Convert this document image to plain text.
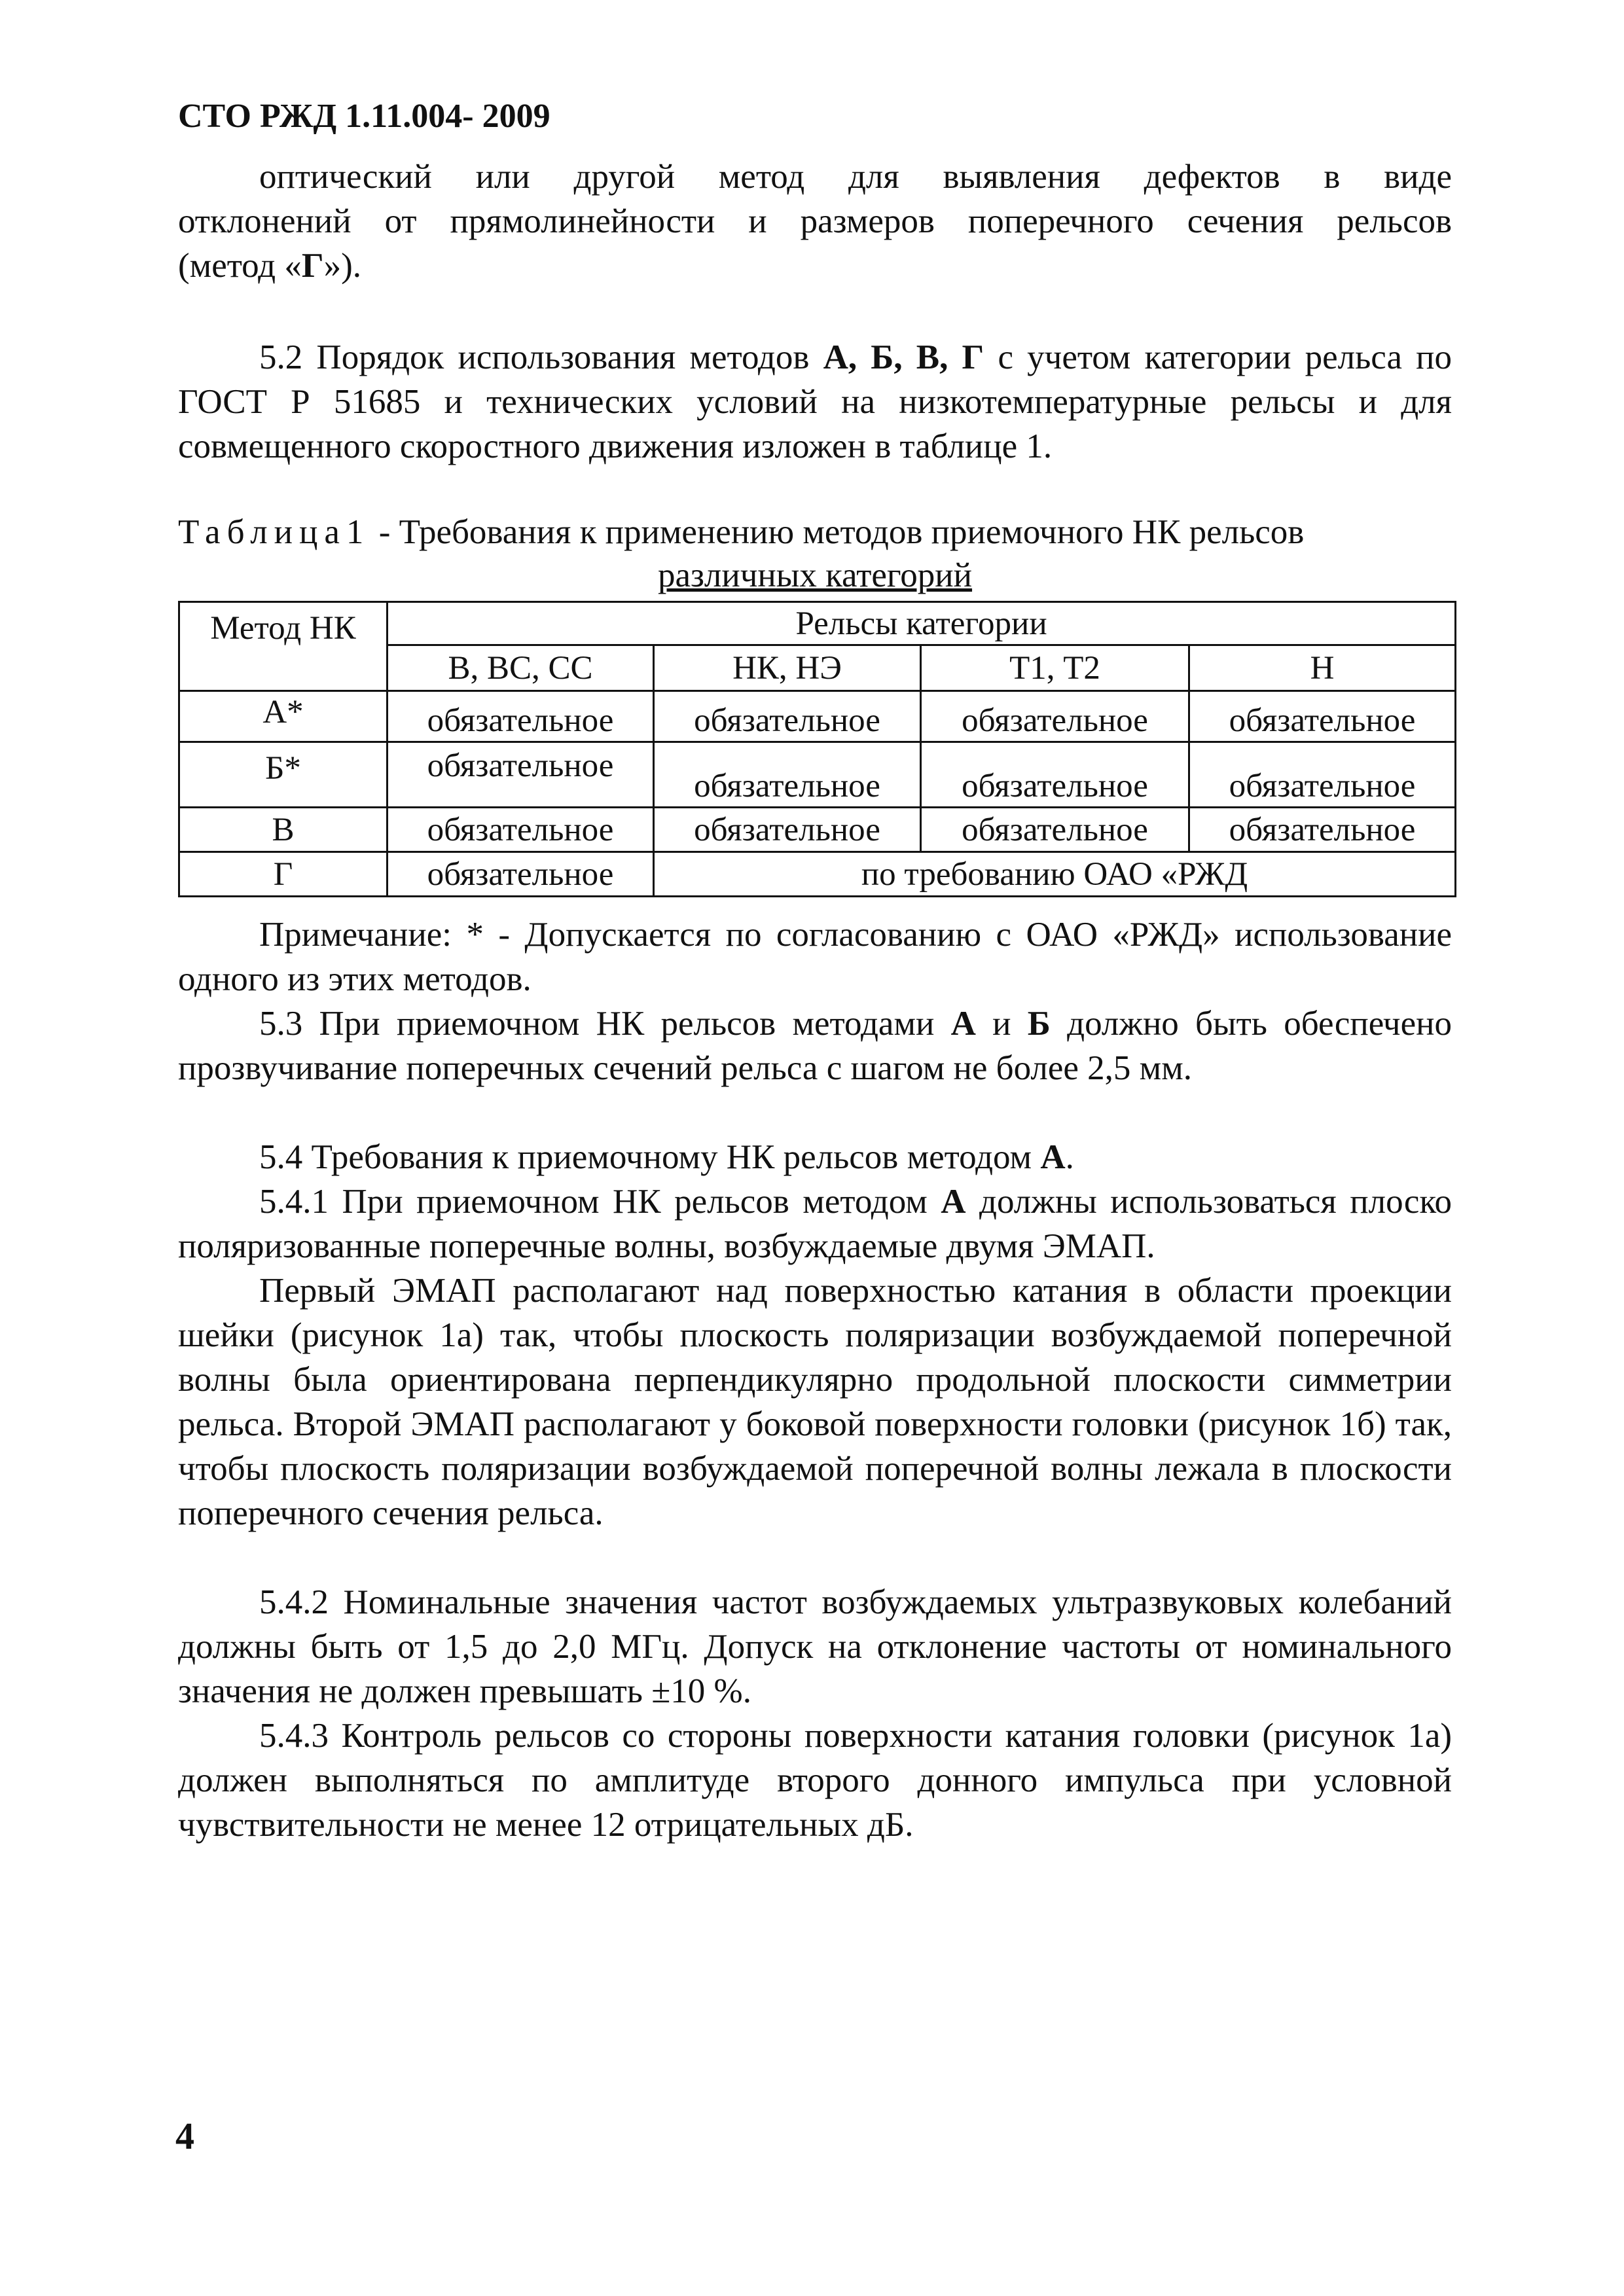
СТО РЖД 1.11.004- 2009
оптический или другой метод для выявления дефектов в виде
отклонений от прямолинейности и размеров поперечного сечения рельсов
(метод «Г»).
5.2 Порядок использования методов А, Б, В, Г с учетом категории рельса по ГОСТ Р 51685 и технических условий на низкотемпературные рельсы и для совмещенного скоростного движения изложен в таблице 1.
Таблица1 - Требования к применению методов приемочного НК рельсов
различных категорий
Метод НК	Рельсы категории			
	В, ВС, СС	НК, НЭ	Т1, Т2	Н
А*	обязательное	обязательное	обязательное	обязательное
Б*	обязательное	обязательное	обязательное	обязательное
В	обязательное	обязательное	обязательное	обязательное
Г	обязательное	по требованию ОАО «РЖД		
Примечание: * - Допускается по согласованию с ОАО «РЖД» использование одного из этих методов.
5.3 При приемочном НК рельсов методами А и Б должно быть обеспечено прозвучивание поперечных сечений рельса с шагом не более 2,5 мм.
5.4 Требования к приемочному НК рельсов методом А.
5.4.1 При приемочном НК рельсов методом А должны использоваться плоско поляризованные поперечные волны, возбуждаемые двумя ЭМАП.
Первый ЭМАП располагают над поверхностью катания в области проекции шейки (рисунок 1а) так, чтобы плоскость поляризации возбуждаемой поперечной волны была ориентирована перпендикулярно продольной плоскости симметрии рельса. Второй ЭМАП располагают у боковой поверхности головки (рисунок 1б) так, чтобы плоскость поляризации возбуждаемой поперечной волны лежала в плоскости поперечного сечения рельса.
5.4.2 Номинальные значения частот возбуждаемых ультразвуковых колебаний должны быть от 1,5 до 2,0 МГц. Допуск на отклонение частоты от номинального значения не должен превышать ±10 %.
5.4.3 Контроль рельсов со стороны поверхности катания головки (рисунок 1а) должен выполняться по амплитуде второго донного импульса при условной чувствительности не менее 12 отрицательных дБ.
4
